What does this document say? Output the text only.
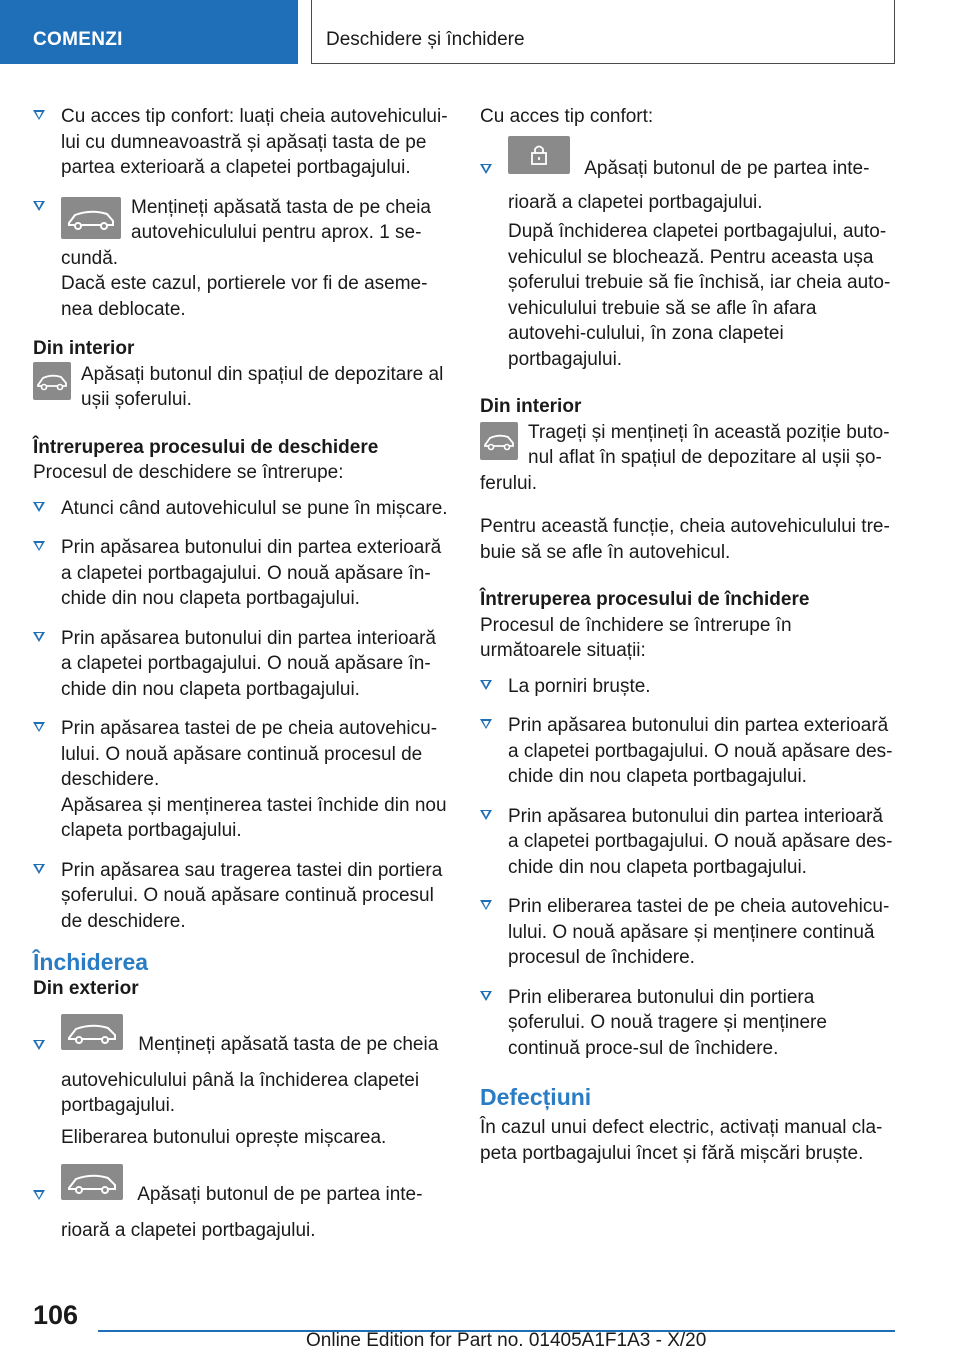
COMENZI	Deschidere și închidere
Cu acces tip confort: luați cheia autovehicului-lui cu dumneavoastră și apăsați tasta de pe partea exterioară a clapetei portbagajului.
Mențineți apăsată tasta de pe cheia autovehiculului pentru aprox. 1 se-cundă.

Dacă este cazul, portierele vor fi de aseme-nea deblocate.

Din interior

Apăsați butonul din spațiul de depozitare al ușii șoferului.

Întreruperea procesului de deschidere

Procesul de deschidere se întrerupe:

Atunci când autovehiculul se pune în mișcare.
Prin apăsarea butonului din partea exterioară a clapetei portbagajului. O nouă apăsare în-chide din nou clapeta portbagajului.
Prin apăsarea butonului din partea interioară a clapetei portbagajului. O nouă apăsare în-chide din nou clapeta portbagajului.
Prin apăsarea tastei de pe cheia autovehicu-lului. O nouă apăsare continuă procesul de deschidere.

Apăsarea și menținerea tastei închide din nou clapeta portbagajului.

Prin apăsarea sau tragerea tastei din portiera șoferului. O nouă apăsare continuă procesul de deschidere.

Închiderea

Din exterior

Mențineți apăsată tasta de pe cheia autovehiculului până la închiderea clapetei portbagajului.

Eliberarea butonului oprește mișcarea.

Apăsați butonul de pe partea inte-rioară a clapetei portbagajului.

Cu acces tip confort:

Apăsați butonul de pe partea inte-rioară a clapetei portbagajului.

După închiderea clapetei portbagajului, auto-vehiculul se blochează. Pentru aceasta ușa șoferului trebuie să fie închisă, iar cheia auto-vehiculului trebuie să se afle în afara autovehi-culului, în zona clapetei portbagajului.

Din interior

Trageți și mențineți în această poziție buto-nul aflat în spațiul de depozitare al ușii șo-ferului.

Pentru această funcție, cheia autovehiculului tre-buie să se afle în autovehicul.

Întreruperea procesului de închidere

Procesul de închidere se întrerupe în următoarele situații:

La porniri bruște.
Prin apăsarea butonului din partea exterioară a clapetei portbagajului. O nouă apăsare des-chide din nou clapeta portbagajului.
Prin apăsarea butonului din partea interioară a clapetei portbagajului. O nouă apăsare des-chide din nou clapeta portbagajului.
Prin eliberarea tastei de pe cheia autovehicu-lului. O nouă apăsare și menținere continuă procesul de închidere.
Prin eliberarea butonului din portiera șoferului. O nouă tragere și menținere continuă proce-sul de închidere.

Defecțiuni

În cazul unui defect electric, activați manual cla-peta portbagajului încet și fără mișcări bruște.

106
Online Edition for Part no. 01405A1F1A3 - X/20
